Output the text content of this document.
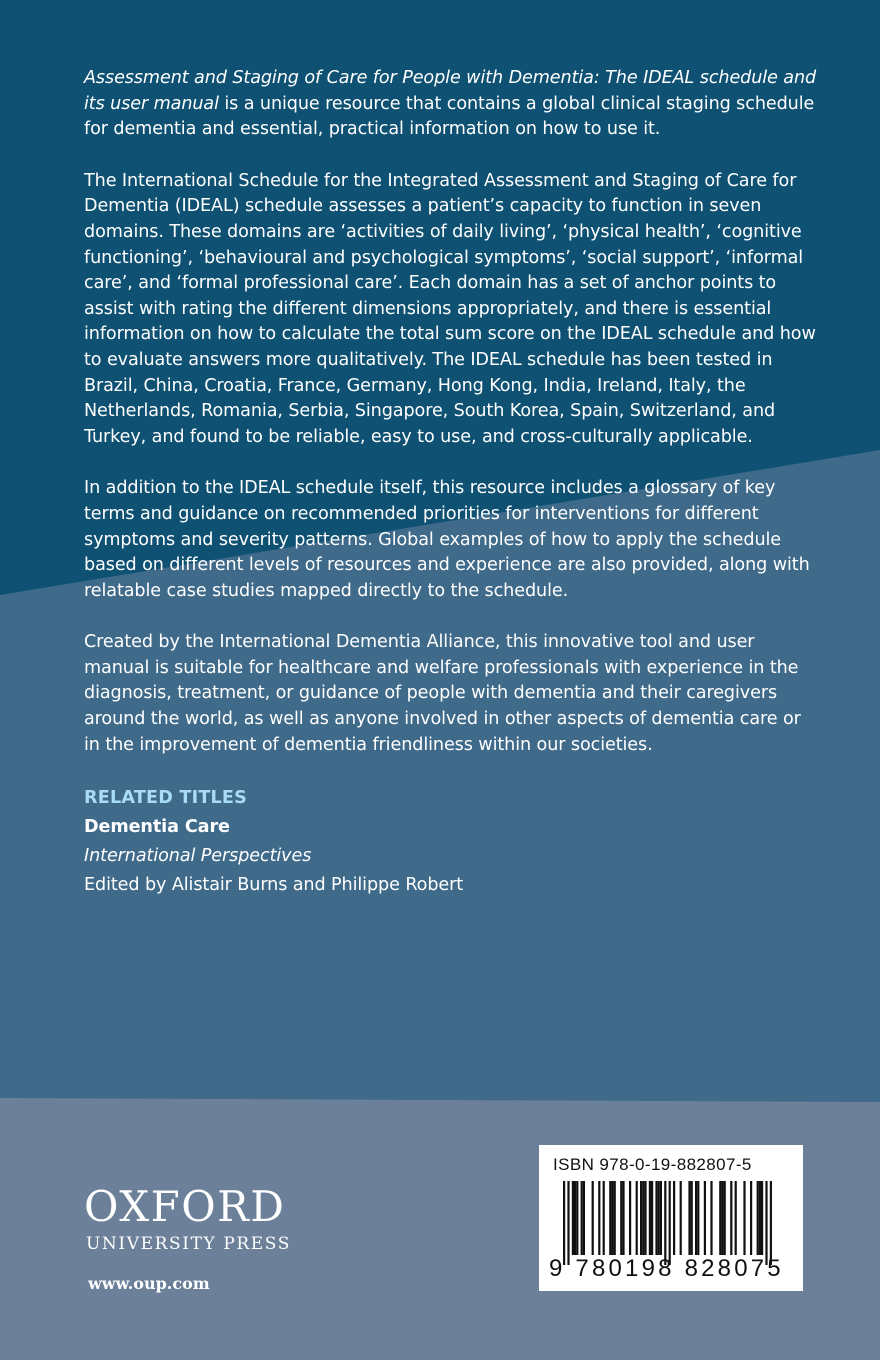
Assessment and Staging of Care for People with Dementia: The IDEAL schedule and its user manual is a unique resource that contains a global clinical staging schedule for dementia and essential, practical information on how to use it.

The International Schedule for the Integrated Assessment and Staging of Care for Dementia (IDEAL) schedule assesses a patient’s capacity to function in seven domains. These domains are ‘activities of daily living’, ‘physical health’, ‘cognitive functioning’, ‘behavioural and psychological symptoms’, ‘social support’, ‘informal care’, and ‘formal professional care’. Each domain has a set of anchor points to assist with rating the different dimensions appropriately, and there is essential information on how to calculate the total sum score on the IDEAL schedule and how to evaluate answers more qualitatively. The IDEAL schedule has been tested in Brazil, China, Croatia, France, Germany, Hong Kong, India, Ireland, Italy, the Netherlands, Romania, Serbia, Singapore, South Korea, Spain, Switzerland, and Turkey, and found to be reliable, easy to use, and cross-culturally applicable.

In addition to the IDEAL schedule itself, this resource includes a glossary of key terms and guidance on recommended priorities for interventions for different symptoms and severity patterns. Global examples of how to apply the schedule based on different levels of resources and experience are also provided, along with relatable case studies mapped directly to the schedule.

Created by the International Dementia Alliance, this innovative tool and user manual is suitable for healthcare and welfare professionals with experience in the diagnosis, treatment, or guidance of people with dementia and their caregivers around the world, as well as anyone involved in other aspects of dementia care or in the improvement of dementia friendliness within our societies.

RELATED TITLES
Dementia Care
International Perspectives
Edited by Alistair Burns and Philippe Robert
OXFORD
UNIVERSITY PRESS
www.oup.com
ISBN 978-0-19-882807-5
9 780198 828075
